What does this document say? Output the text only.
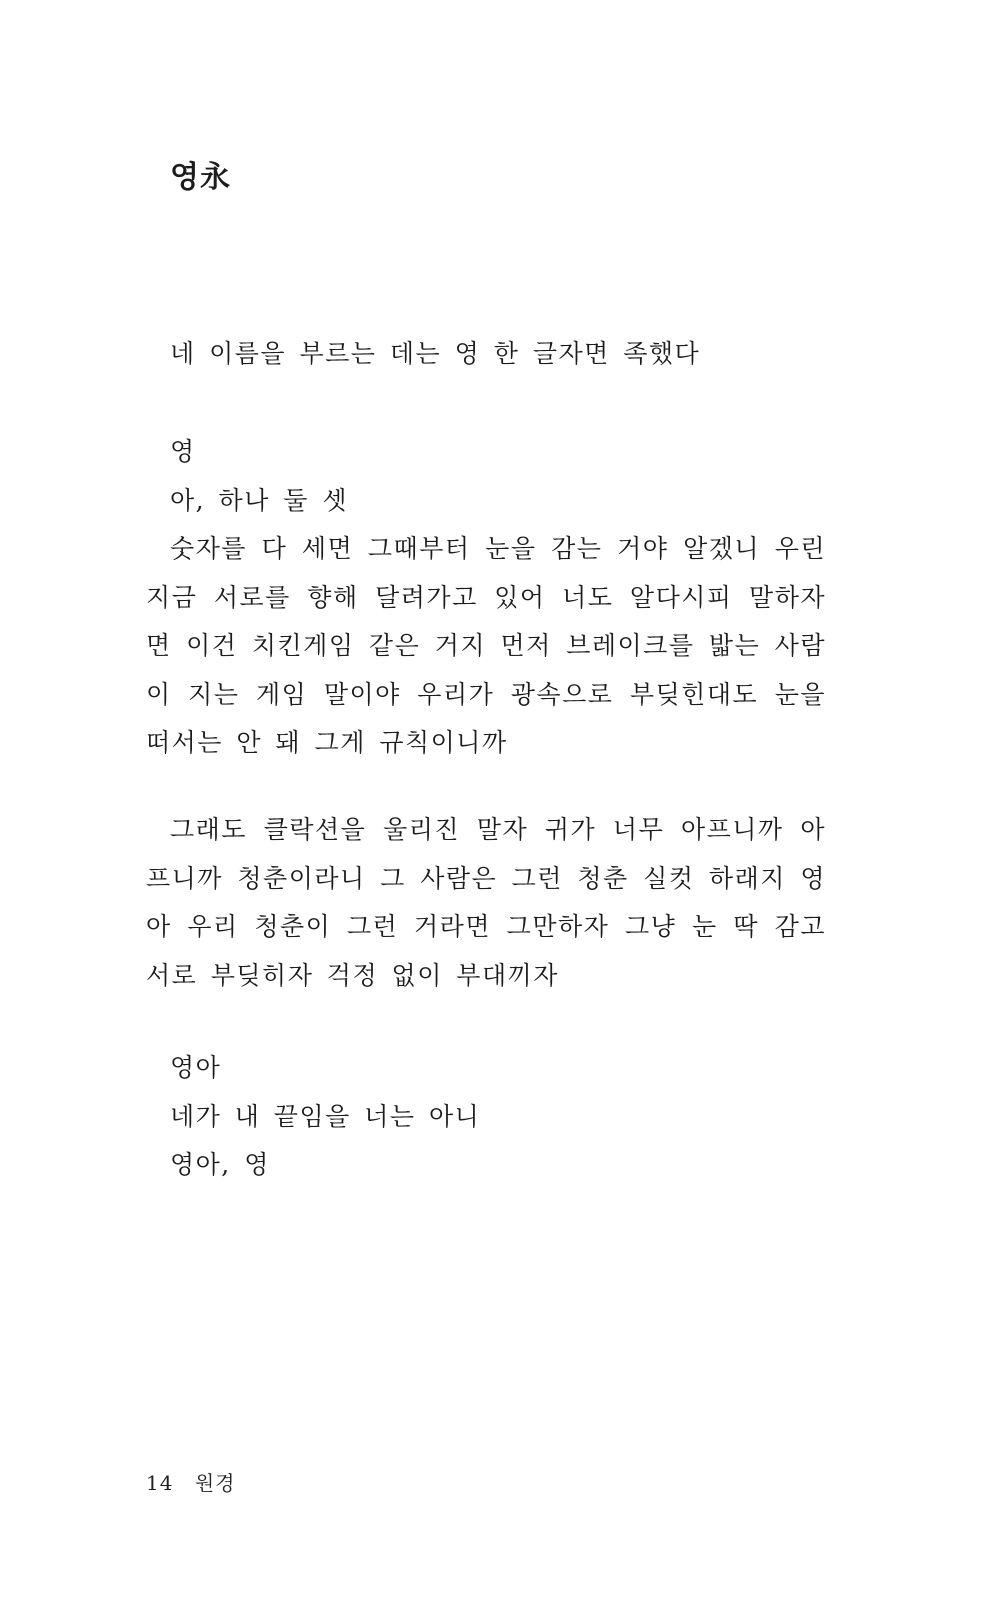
영永

네 이름을 부르는 데는 영 한 글자면 족했다

영

아, 하나 둘 셋

숫자를 다 세면 그때부터 눈을 감는 거야 알겠니 우린 지금 서로를 향해 달려가고 있어 너도 알다시피 말하자면 이건 치킨게임 같은 거지 먼저 브레이크를 밟는 사람이 지는 게임 말이야 우리가 광속으로 부딪힌대도 눈을 떠서는 안 돼 그게 규칙이니까

그래도 클락션을 울리진 말자 귀가 너무 아프니까 아프니까 청춘이라니 그 사람은 그런 청춘 실컷 하래지 영아 우리 청춘이 그런 거라면 그만하자 그냥 눈 딱 감고 서로 부딪히자 걱정 없이 부대끼자

영아

네가 내 끝임을 너는 아니

영아, 영

14 원경
